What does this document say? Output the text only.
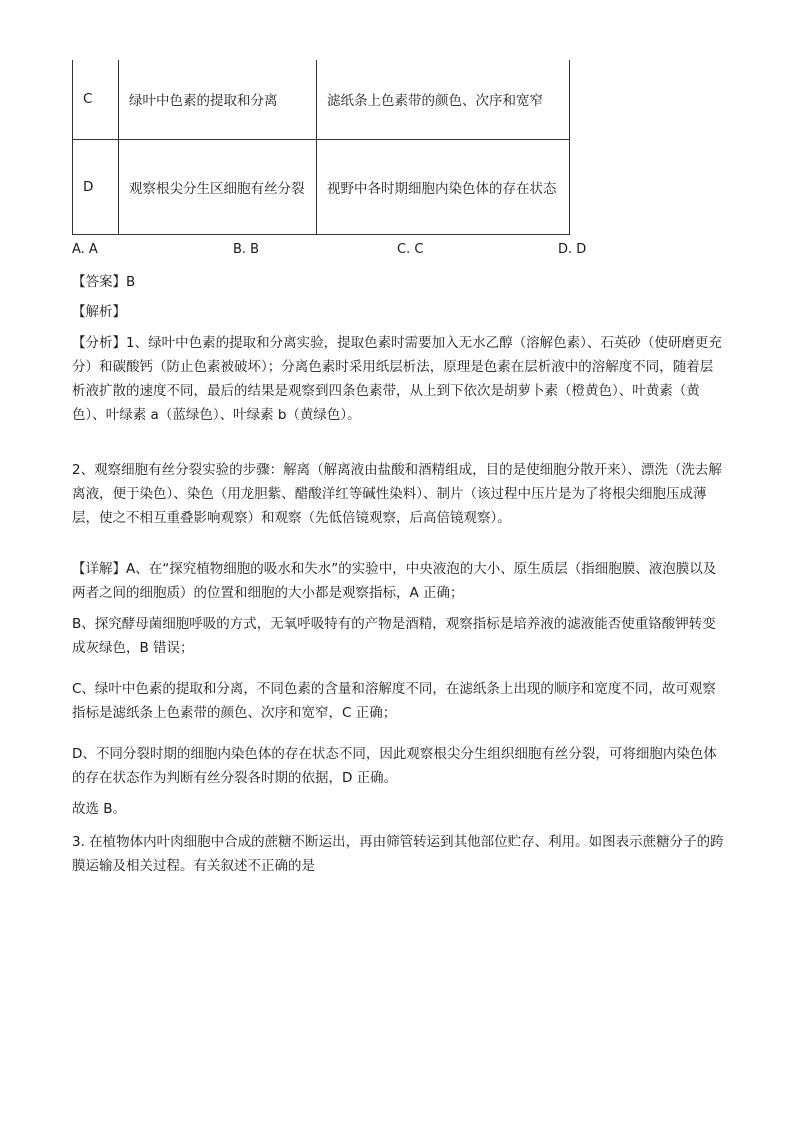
C	绿叶中色素的提取和分离	滤纸条上色素带的颜色、次序和宽窄
D	观察根尖分生区细胞有丝分裂	视野中各时期细胞内染色体的存在状态
A. A	B. B	C. C	D. D

【答案】B

【解析】

【分析】1、绿叶中色素的提取和分离实验，提取色素时需要加入无水乙醇（溶解色素）、石英砂（使研磨更充分）和碳酸钙（防止色素被破坏）；分离色素时采用纸层析法，原理是色素在层析液中的溶解度不同，随着层析液扩散的速度不同，最后的结果是观察到四条色素带，从上到下依次是胡萝卜素（橙黄色）、叶黄素（黄色）、叶绿素 a（蓝绿色）、叶绿素 b（黄绿色）。

2、观察细胞有丝分裂实验的步骤：解离（解离液由盐酸和酒精组成，目的是使细胞分散开来）、漂洗（洗去解离液，便于染色）、染色（用龙胆紫、醋酸洋红等碱性染料）、制片（该过程中压片是为了将根尖细胞压成薄层，使之不相互重叠影响观察）和观察（先低倍镜观察，后高倍镜观察）。

【详解】A、在“探究植物细胞的吸水和失水”的实验中，中央液泡的大小、原生质层（指细胞膜、液泡膜以及两者之间的细胞质）的位置和细胞的大小都是观察指标，A 正确；

B、探究酵母菌细胞呼吸的方式，无氧呼吸特有的产物是酒精，观察指标是培养液的滤液能否使重铬酸钾转变成灰绿色，B 错误；

C、绿叶中色素的提取和分离，不同色素的含量和溶解度不同，在滤纸条上出现的顺序和宽度不同，故可观察指标是滤纸条上色素带的颜色、次序和宽窄，C 正确；

D、不同分裂时期的细胞内染色体的存在状态不同，因此观察根尖分生组织细胞有丝分裂，可将细胞内染色体的存在状态作为判断有丝分裂各时期的依据，D 正确。

故选 B。

3. 在植物体内叶肉细胞中合成的蔗糖不断运出，再由筛管转运到其他部位贮存、利用。如图表示蔗糖分子的跨膜运输及相关过程。有关叙述不正确的是
